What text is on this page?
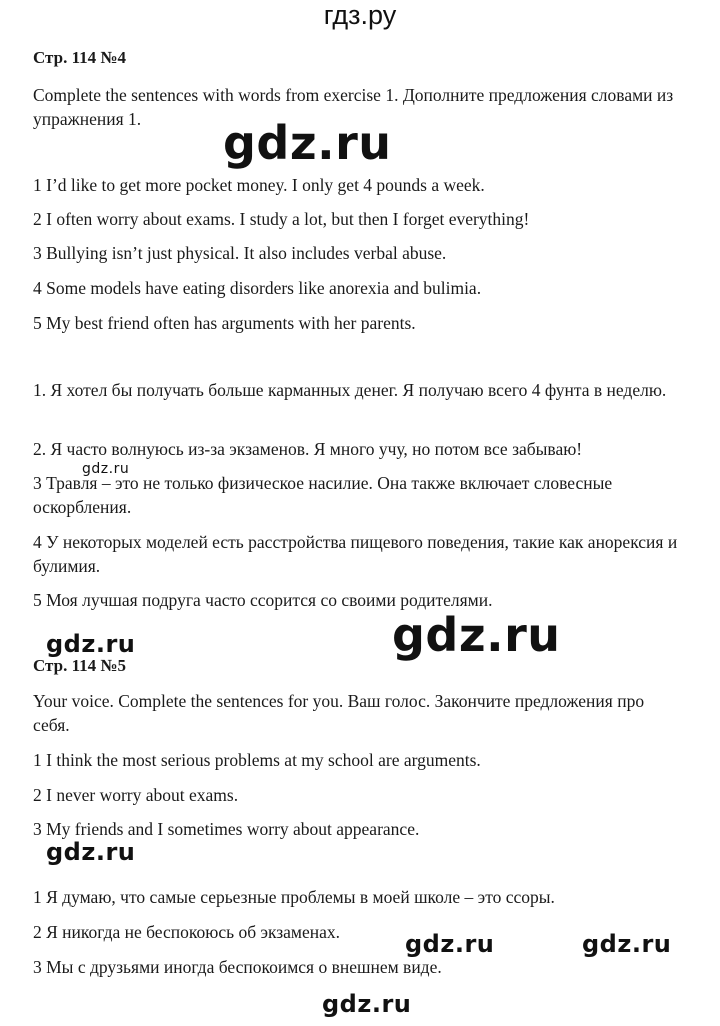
гдз.ру
Стр. 114 №4
Complete the sentences with words from exercise 1. Дополните предложения словами из упражнения 1.
1 I’d like to get more pocket money. I only get 4 pounds a week.
2 I often worry about exams. I study a lot, but then I forget everything!
3 Bullying isn’t just physical. It also includes verbal abuse.
4 Some models have eating disorders like anorexia and bulimia.
5 My best friend often has arguments with her parents.
1. Я хотел бы получать больше карманных денег. Я получаю всего 4 фунта в неделю.
2. Я часто волнуюсь из-за экзаменов. Я много учу, но потом все забываю!
3 Травля – это не только физическое насилие. Она также включает словесные оскорбления.
4 У некоторых моделей есть расстройства пищевого поведения, такие как анорексия и булимия.
5 Моя лучшая подруга часто ссорится со своими родителями.
Стр. 114 №5
Your voice. Complete the sentences for you. Ваш голос. Закончите предложения про себя.
1 I think the most serious problems at my school are arguments.
2 I never worry about exams.
3 My friends and I sometimes worry about appearance.
1 Я думаю, что самые серьезные проблемы в моей школе – это ссоры.
2 Я никогда не беспокоюсь об экзаменах.
3 Мы с друзьями иногда беспокоимся о внешнем виде.
gdz.ru
gdz.ru
gdz.ru
gdz.ru
gdz.ru
gdz.ru	gdz.ru
gdz.ru
